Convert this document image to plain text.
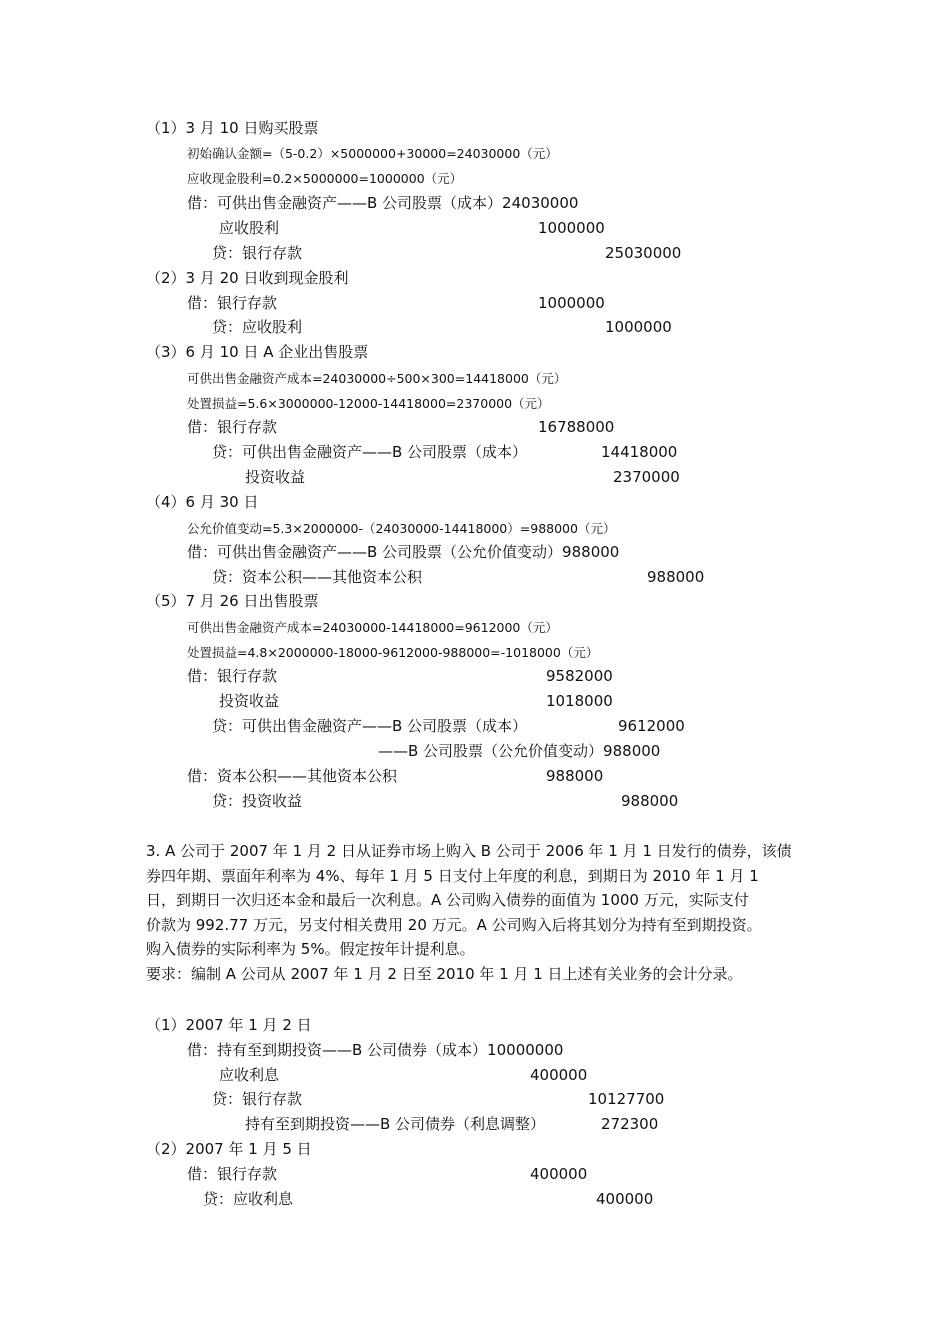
（1）3 月 10 日购买股票
初始确认金额=（5-0.2）×5000000+30000=24030000（元）
应收现金股利=0.2×5000000=1000000（元）
借：可供出售金融资产——B 公司股票（成本）24030000
应收股利	1000000
贷：银行存款	25030000
（2）3 月 20 日收到现金股利
借：银行存款	1000000
贷：应收股利	1000000
（3）6 月 10 日 A 企业出售股票
可供出售金融资产成本=24030000÷500×300=14418000（元）
处置损益=5.6×3000000-12000-14418000=2370000（元）
借：银行存款	16788000
贷：可供出售金融资产——B 公司股票（成本）	14418000
投资收益	2370000
（4）6 月 30 日
公允价值变动=5.3×2000000-（24030000-14418000）=988000（元）
借：可供出售金融资产——B 公司股票（公允价值变动）988000
贷：资本公积——其他资本公积	988000
（5）7 月 26 日出售股票
可供出售金融资产成本=24030000-14418000=9612000（元）
处置损益=4.8×2000000-18000-9612000-988000=-1018000（元）
借：银行存款	9582000
投资收益	1018000
贷：可供出售金融资产——B 公司股票（成本）	9612000
——B 公司股票（公允价值变动）988000
借：资本公积——其他资本公积	988000
贷：投资收益	988000
3. A 公司于 2007 年 1 月 2 日从证券市场上购入 B 公司于 2006 年 1 月 1 日发行的债券，该债
券四年期、票面年利率为 4%、每年 1 月 5 日支付上年度的利息，到期日为 2010 年 1 月 1
日，到期日一次归还本金和最后一次利息。A 公司购入债券的面值为 1000 万元，实际支付
价款为 992.77 万元，另支付相关费用 20 万元。A 公司购入后将其划分为持有至到期投资。
购入债券的实际利率为 5%。假定按年计提利息。
要求：编制 A 公司从 2007 年 1 月 2 日至 2010 年 1 月 1 日上述有关业务的会计分录。
（1）2007 年 1 月 2 日
借：持有至到期投资——B 公司债券（成本）10000000
应收利息	400000
贷：银行存款	10127700
持有至到期投资——B 公司债券（利息调整）	272300
（2）2007 年 1 月 5 日
借：银行存款	400000
贷：应收利息	400000
